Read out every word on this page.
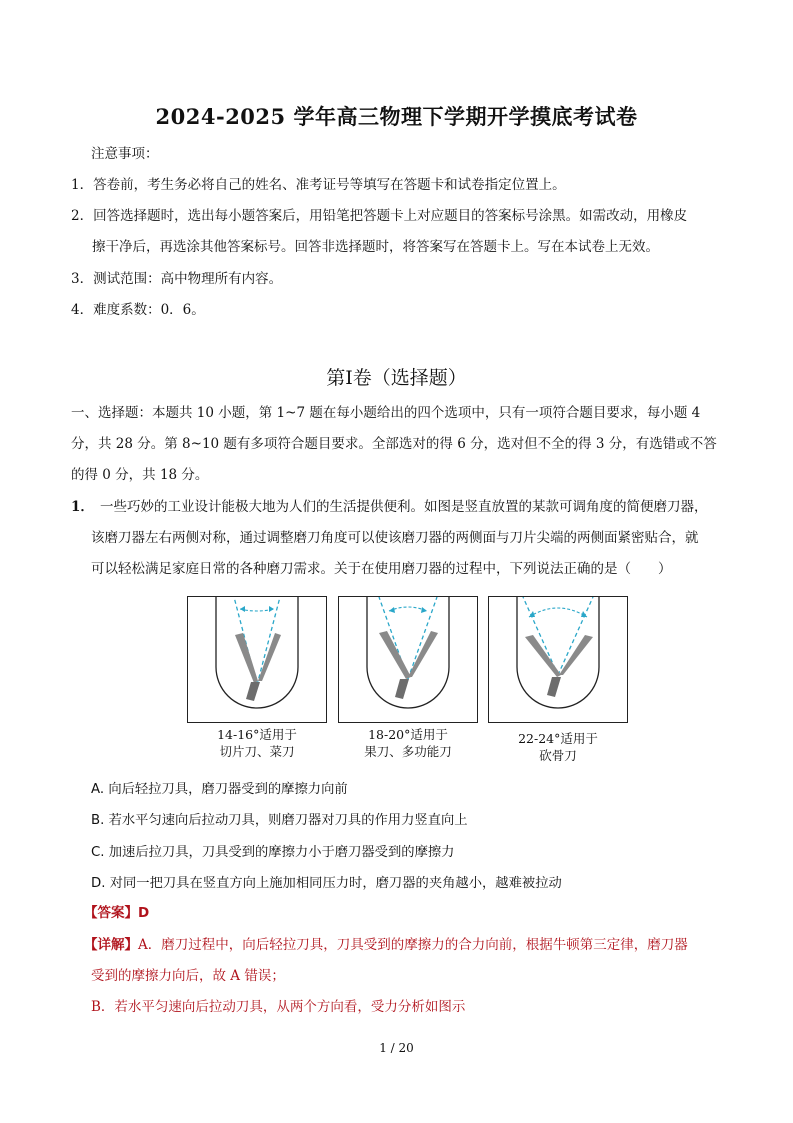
2024-2025 学年高三物理下学期开学摸底考试卷
注意事项：
1．答卷前，考生务必将自己的姓名、准考证号等填写在答题卡和试卷指定位置上。
2．回答选择题时，选出每小题答案后，用铅笔把答题卡上对应题目的答案标号涂黑。如需改动，用橡皮
擦干净后，再选涂其他答案标号。回答非选择题时，将答案写在答题卡上。写在本试卷上无效。
3．测试范围：高中物理所有内容。
4．难度系数：0．6。
第Ⅰ卷（选择题）
一、选择题：本题共 10 小题，第 1~7 题在每小题给出的四个选项中，只有一项符合题目要求，每小题 4
分，共 28 分。第 8~10 题有多项符合题目要求。全部选对的得 6 分，选对但不全的得 3 分，有选错或不答
的得 0 分，共 18 分。
1． 一些巧妙的工业设计能极大地为人们的生活提供便利。如图是竖直放置的某款可调角度的简便磨刀器，
该磨刀器左右两侧对称，通过调整磨刀角度可以使该磨刀器的两侧面与刀片尖端的两侧面紧密贴合，就
可以轻松满足家庭日常的各种磨刀需求。关于在使用磨刀器的过程中，下列说法正确的是（　　）
14-16°适用于
切片刀、菜刀
18-20°适用于
果刀、多功能刀
22-24°适用于
砍骨刀
A. 向后轻拉刀具，磨刀器受到的摩擦力向前
B. 若水平匀速向后拉动刀具，则磨刀器对刀具的作用力竖直向上
C. 加速后拉刀具，刀具受到的摩擦力小于磨刀器受到的摩擦力
D. 对同一把刀具在竖直方向上施加相同压力时，磨刀器的夹角越小，越难被拉动
【答案】D
【详解】A．磨刀过程中，向后轻拉刀具，刀具受到的摩擦力的合力向前，根据牛顿第三定律，磨刀器
受到的摩擦力向后，故 A 错误；
B．若水平匀速向后拉动刀具，从两个方向看，受力分析如图示
1 / 20
